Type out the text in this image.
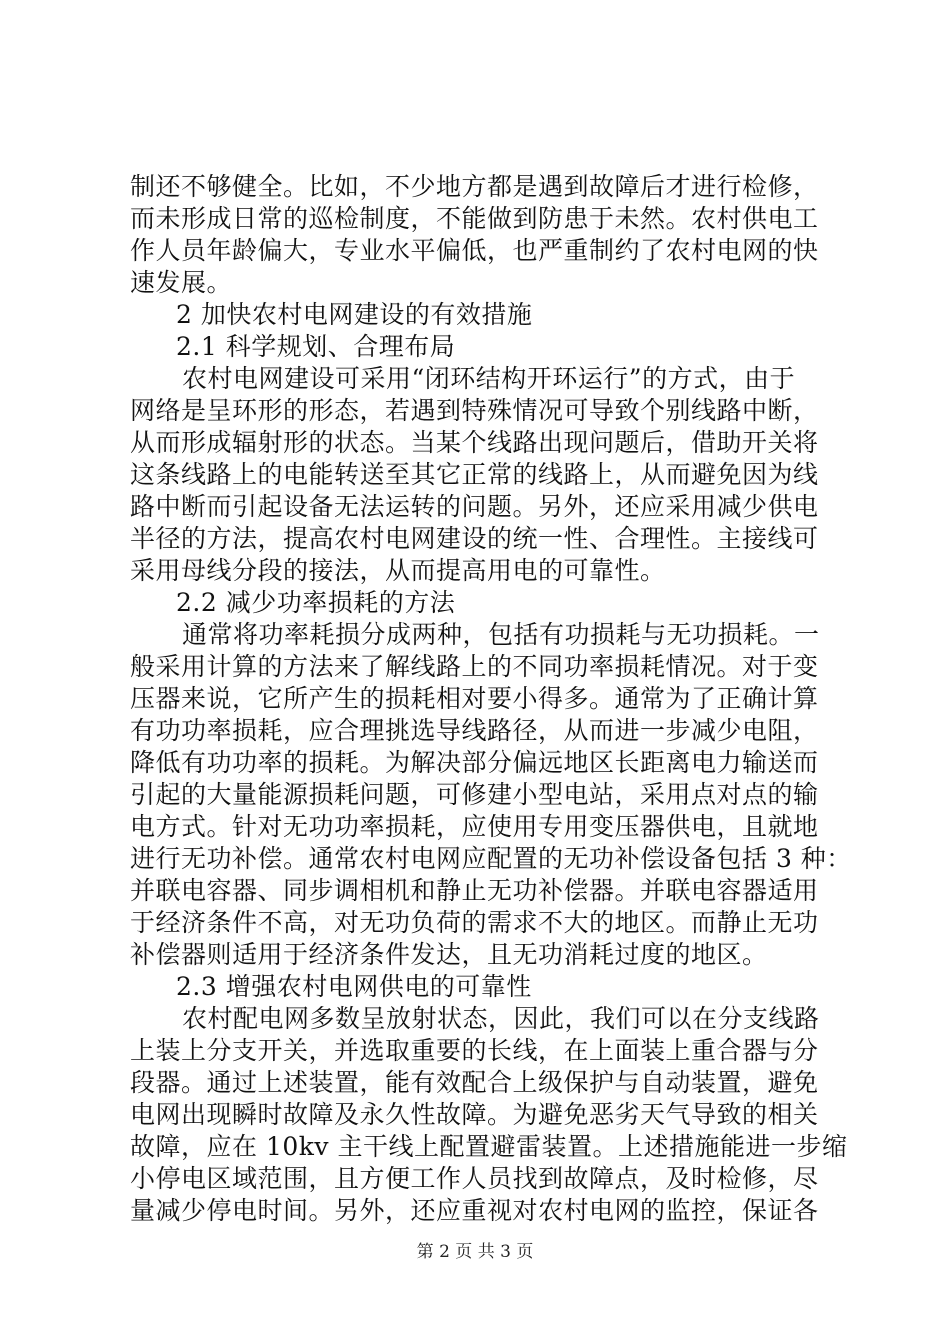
制还不够健全。比如，不少地方都是遇到故障后才进行检修，
而未形成日常的巡检制度，不能做到防患于未然。农村供电工
作人员年龄偏大，专业水平偏低，也严重制约了农村电网的快
速发展。
2 加快农村电网建设的有效措施
2.1 科学规划、合理布局
农村电网建设可采用“闭环结构开环运行”的方式，由于
网络是呈环形的形态，若遇到特殊情况可导致个别线路中断，
从而形成辐射形的状态。当某个线路出现问题后，借助开关将
这条线路上的电能转送至其它正常的线路上，从而避免因为线
路中断而引起设备无法运转的问题。另外，还应采用减少供电
半径的方法，提高农村电网建设的统一性、合理性。主接线可
采用母线分段的接法，从而提高用电的可靠性。
2.2 减少功率损耗的方法
通常将功率耗损分成两种，包括有功损耗与无功损耗。一
般采用计算的方法来了解线路上的不同功率损耗情况。对于变
压器来说，它所产生的损耗相对要小得多。通常为了正确计算
有功功率损耗，应合理挑选导线路径，从而进一步减少电阻，
降低有功功率的损耗。为解决部分偏远地区长距离电力输送而
引起的大量能源损耗问题，可修建小型电站，采用点对点的输
电方式。针对无功功率损耗，应使用专用变压器供电，且就地
进行无功补偿。通常农村电网应配置的无功补偿设备包括 3 种：
并联电容器、同步调相机和静止无功补偿器。并联电容器适用
于经济条件不高，对无功负荷的需求不大的地区。而静止无功
补偿器则适用于经济条件发达，且无功消耗过度的地区。
2.3 增强农村电网供电的可靠性
农村配电网多数呈放射状态，因此，我们可以在分支线路
上装上分支开关，并选取重要的长线，在上面装上重合器与分
段器。通过上述装置，能有效配合上级保护与自动装置，避免
电网出现瞬时故障及永久性故障。为避免恶劣天气导致的相关
故障，应在 10kv 主干线上配置避雷装置。上述措施能进一步缩
小停电区域范围，且方便工作人员找到故障点，及时检修，尽
量减少停电时间。另外，还应重视对农村电网的监控，保证各
第 2 页 共 3 页
